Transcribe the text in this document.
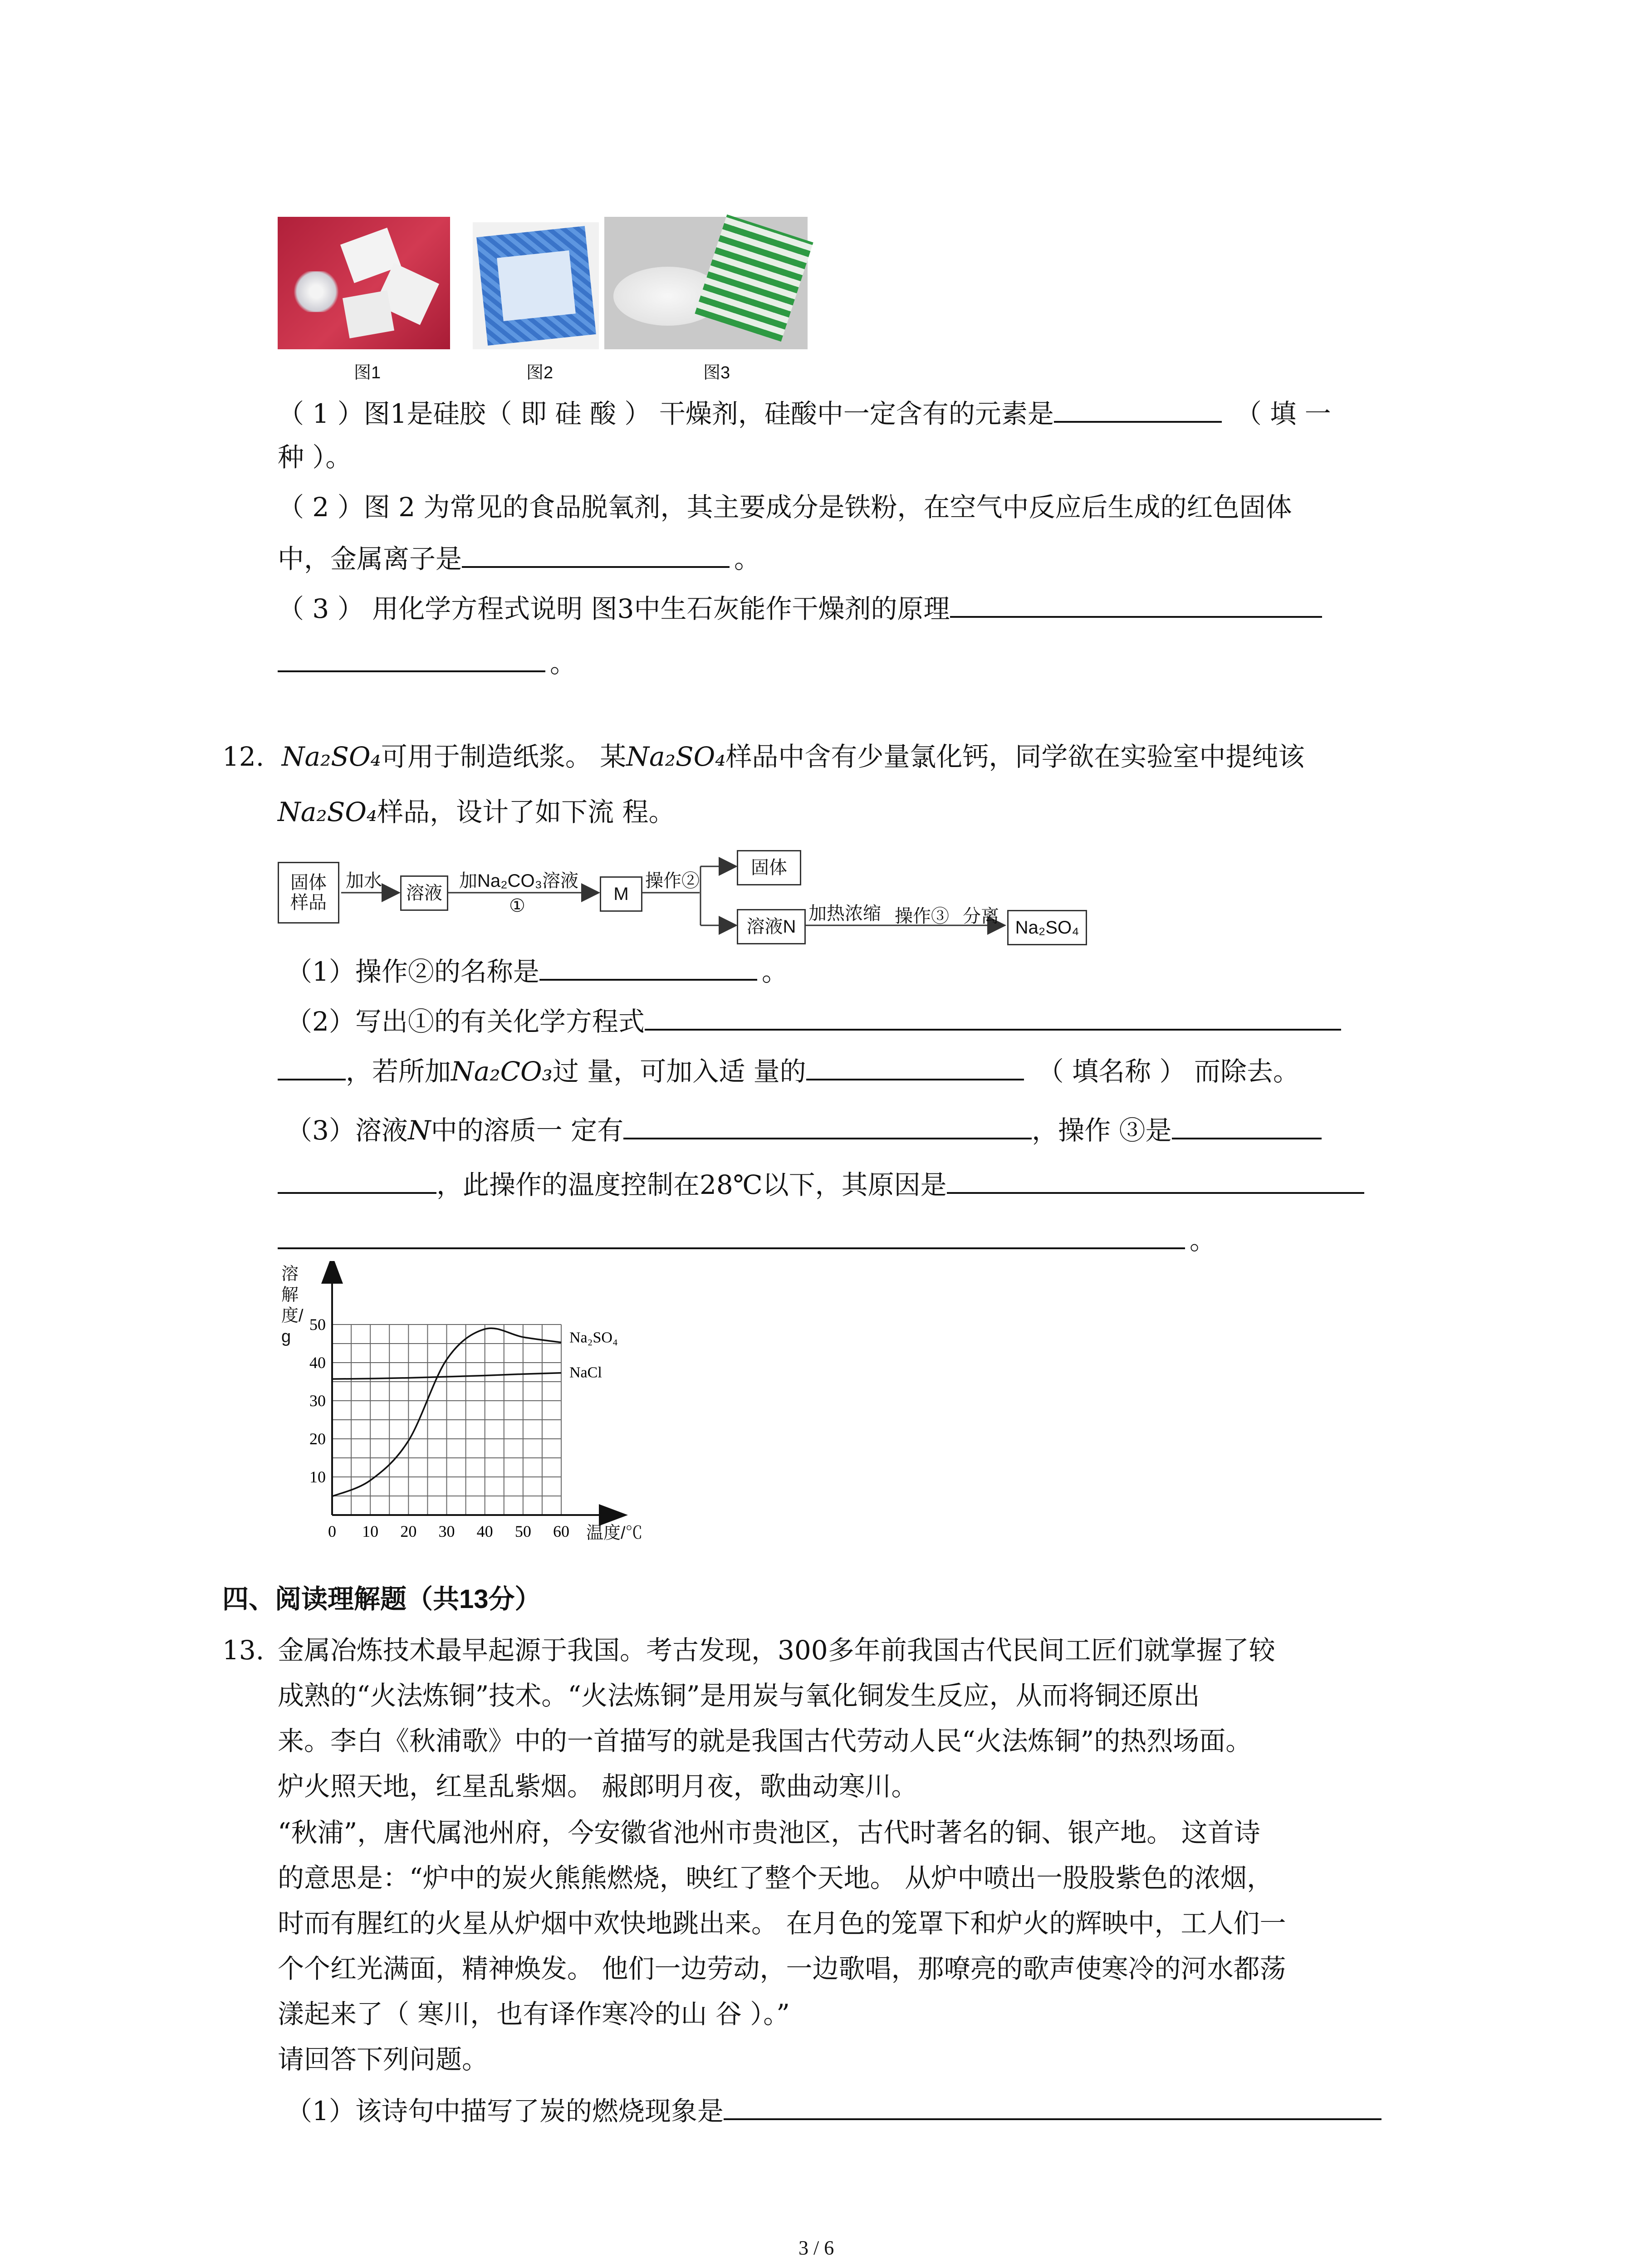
图1	图2	图3
（ 1 ）图1是硅胶（ 即 硅 酸 ） 干燥剂，硅酸中一定含有的元素是	（ 填 一
种 ）。
（ 2 ）图 2 为常见的食品脱氧剂，其主要成分是铁粉，在空气中反应后生成的红色固体
中，金属离子是	。
（ 3 ） 用化学方程式说明 图3中生石灰能作干燥剂的原理
。
12. Na₂SO₄可用于制造纸浆。 某Na₂SO₄样品中含有少量氯化钙，同学欲在实验室中提纯该
Na₂SO₄样品，设计了如下流 程。
固体
样品
加水
溶液
加Na₂CO₃溶液
①
M
操作②
固体
溶液N
加热浓缩 操作③ 分离
Na₂SO₄
（1）操作②的名称是	。
（2）写出①的有关化学方程式
，若所加Na₂CO₃过 量，可加入适 量的	（ 填名称 ） 而除去。
（3）溶液N中的溶质一 定有	，操作 ③是
，此操作的温度控制在28℃以下，其原因是
。
溶解度/g
0 10 20 30 40 50 60
10
20
30
40
50
Na₂SO₄
NaCl
温度/℃
四、阅读理解题（共13分）
13. 金属冶炼技术最早起源于我国。考古发现，300多年前我国古代民间工匠们就掌握了较
成熟的“火法炼铜”技术。“火法炼铜”是用炭与氧化铜发生反应，从而将铜还原出
来。李白《秋浦歌》中的一首描写的就是我国古代劳动人民“火法炼铜”的热烈场面。
炉火照天地，红星乱紫烟。 赧郎明月夜，歌曲动寒川。
“秋浦”，唐代属池州府，今安徽省池州市贵池区，古代时著名的铜、银产地。 这首诗
的意思是：“炉中的炭火熊熊燃烧，映红了整个天地。 从炉中喷出一股股紫色的浓烟，
时而有腥红的火星从炉烟中欢快地跳出来。 在月色的笼罩下和炉火的辉映中，工人们一
个个红光满面，精神焕发。 他们一边劳动，一边歌唱，那嘹亮的歌声使寒冷的河水都荡
漾起来了（ 寒川，也有译作寒冷的山 谷 ）。”
请回答下列问题。
（1）该诗句中描写了炭的燃烧现象是
3 / 6
